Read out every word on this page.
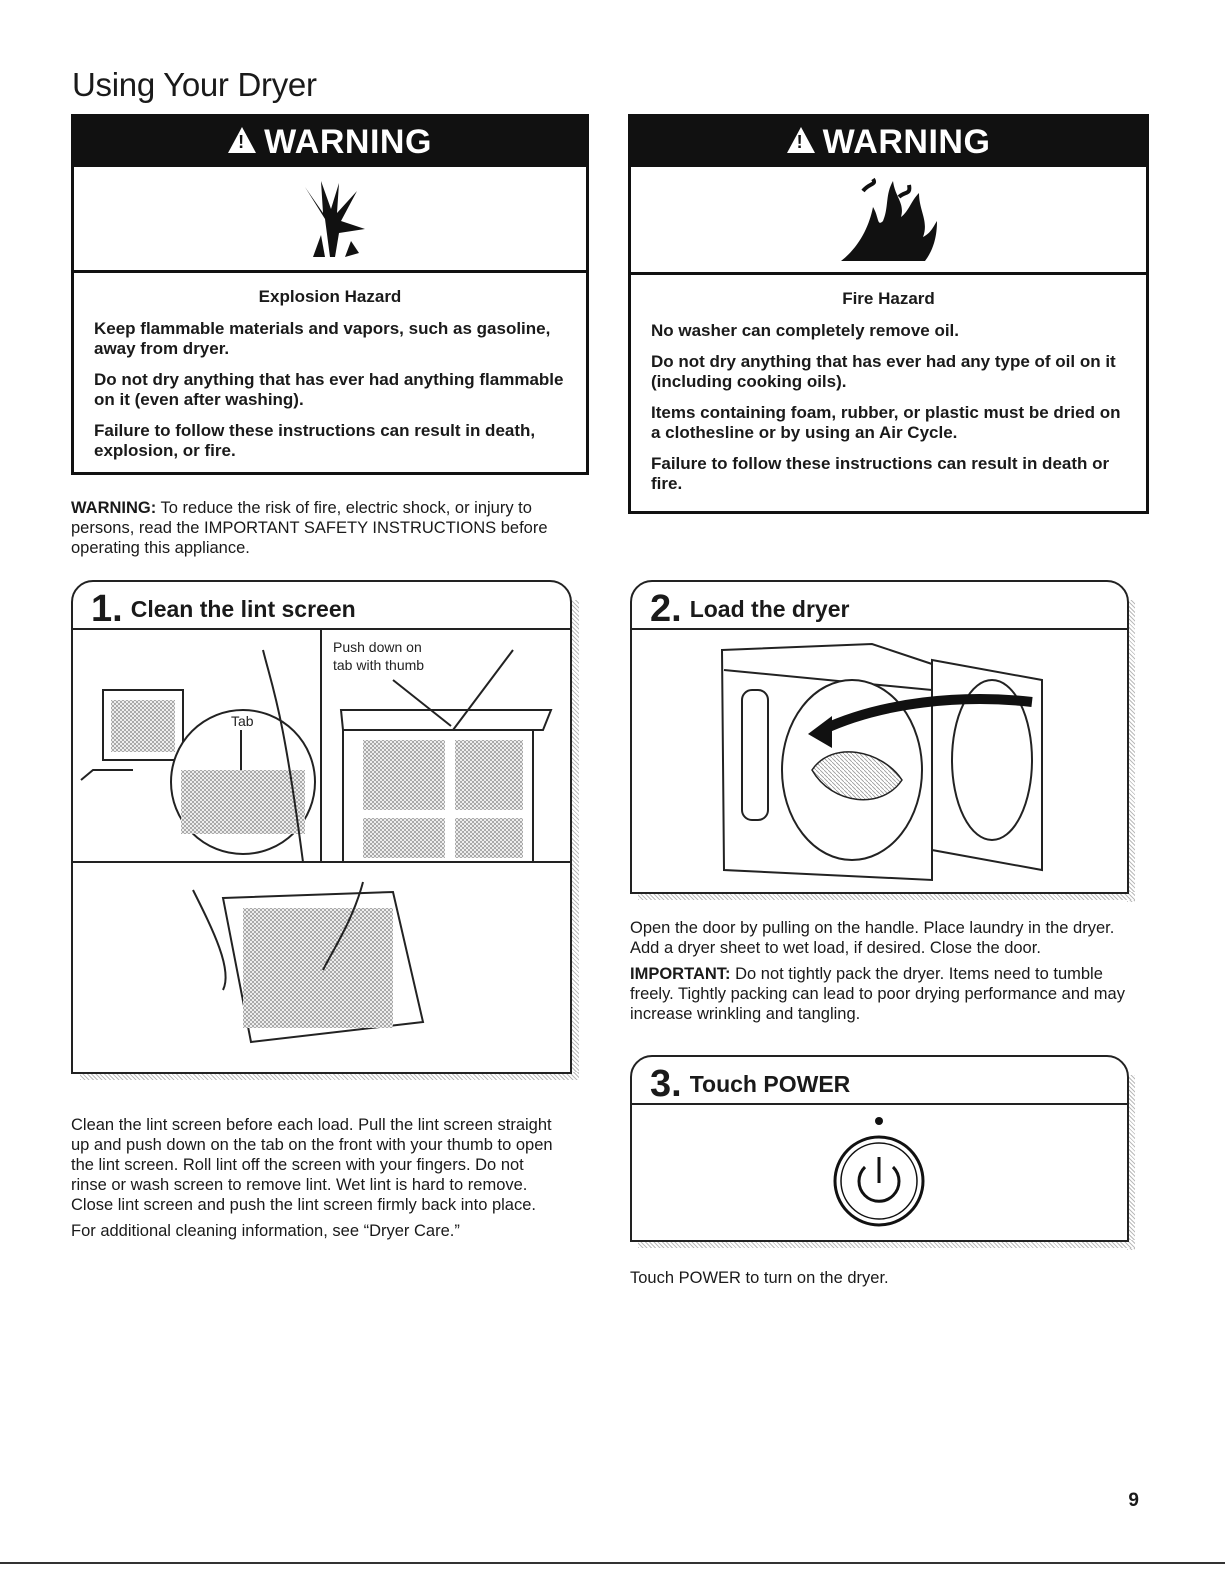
Using Your Dryer
!
WARNING
Explosion Hazard

Keep flammable materials and vapors, such as gasoline, away from dryer.

Do not dry anything that has ever had anything flammable on it (even after washing).

Failure to follow these instructions can result in death, explosion, or fire.

!
WARNING
Fire Hazard

No washer can completely remove oil.

Do not dry anything that has ever had any type of oil on it (including cooking oils).

Items containing foam, rubber, or plastic must be dried on a clothesline or by using an Air Cycle.

Failure to follow these instructions can result in death or fire.

WARNING: To reduce the risk of fire, electric shock, or injury to persons, read the IMPORTANT SAFETY INSTRUCTIONS before operating this appliance.

1. Clean the lint screen
Tab
Push down on
tab with thumb

Clean the lint screen before each load. Pull the lint screen straight up and push down on the tab on the front with your thumb to open the lint screen. Roll lint off the screen with your fingers. Do not rinse or wash screen to remove lint. Wet lint is hard to remove. Close lint screen and push the lint screen firmly back into place.

For additional cleaning information, see “Dryer Care.”

2. Load the dryer

Open the door by pulling on the handle. Place laundry in the dryer. Add a dryer sheet to wet load, if desired. Close the door.

IMPORTANT: Do not tightly pack the dryer. Items need to tumble freely. Tightly packing can lead to poor drying performance and may increase wrinkling and tangling.

3. Touch POWER

Touch POWER to turn on the dryer.

9
